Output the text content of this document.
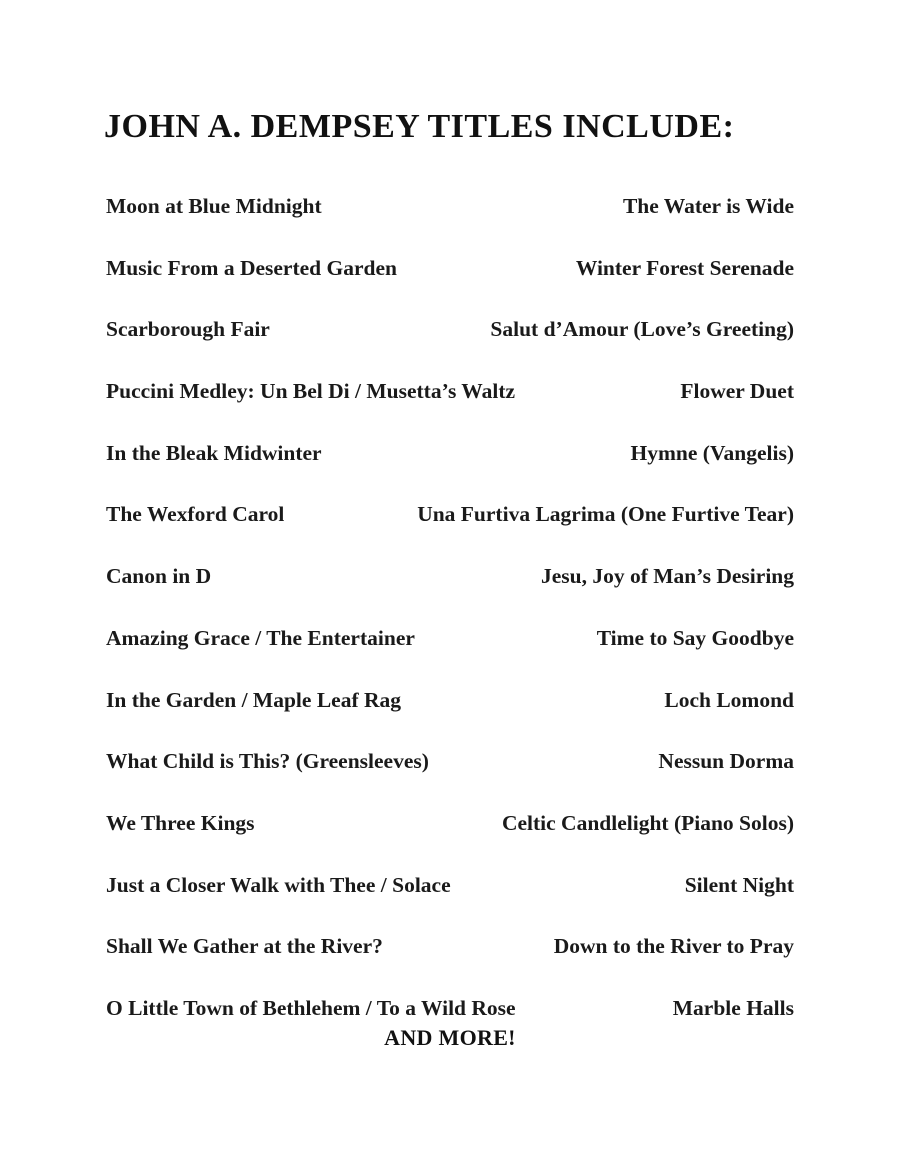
JOHN A. DEMPSEY TITLES INCLUDE:
Moon at Blue Midnight	The Water is Wide
Music From a Deserted Garden	Winter Forest Serenade
Scarborough Fair	Salut d’Amour (Love’s Greeting)
Puccini Medley: Un Bel Di / Musetta’s Waltz	Flower Duet
In the Bleak Midwinter	Hymne (Vangelis)
The Wexford Carol	Una Furtiva Lagrima (One Furtive Tear)
Canon in D	Jesu, Joy of Man’s Desiring
Amazing Grace / The Entertainer	Time to Say Goodbye
In the Garden / Maple Leaf Rag	Loch Lomond
What Child is This? (Greensleeves)	Nessun Dorma
We Three Kings	Celtic Candlelight (Piano Solos)
Just a Closer Walk with Thee / Solace	Silent Night
Shall We Gather at the River?	Down to the River to Pray
O Little Town of Bethlehem / To a Wild Rose	Marble Halls

AND MORE!
